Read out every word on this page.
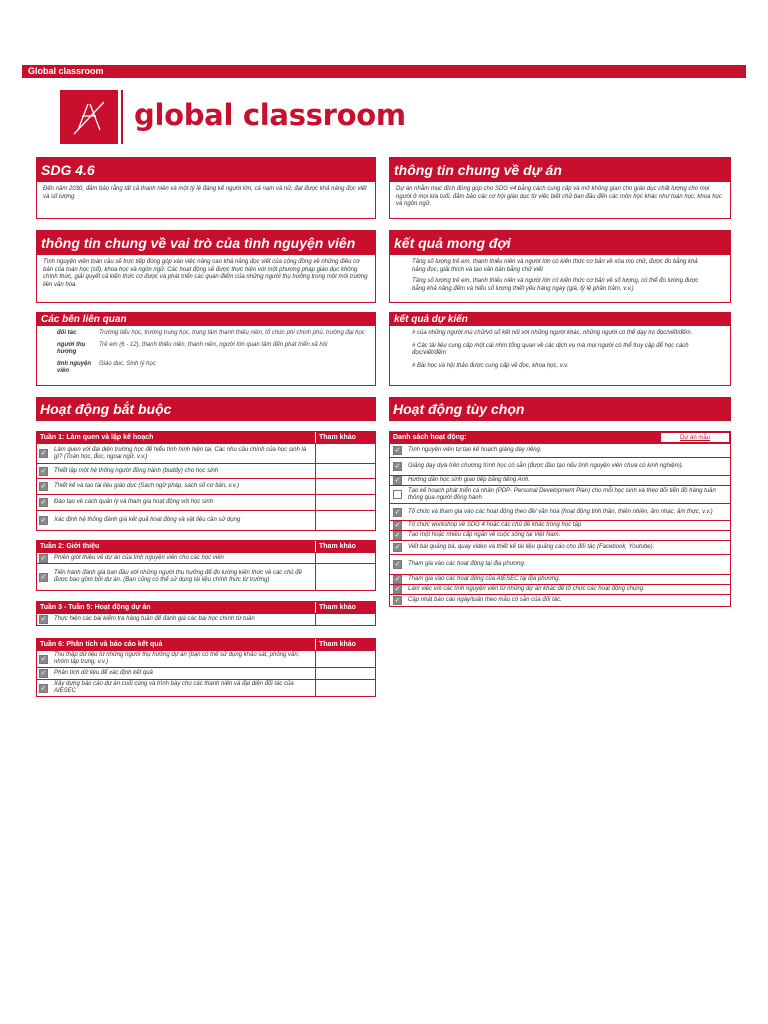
Global classroom
global classroom
SDG 4.6
Đến năm 2030, đảm bảo rằng tất cả thanh niên và một tỷ lệ đáng kể người lớn, cả nam và nữ, đạt được khả năng đọc viết và số lượng
thông tin chung về dự án
Dự án nhằm mục đích đóng góp cho SDG #4 bằng cách cung cấp và mở không gian cho giáo dục chất lượng cho mọi người ở mọi lứa tuổi, đảm bảo các cơ hội giáo dục từ việc biết chữ ban đầu đến các môn học khác như toán học, khoa học và ngôn ngữ.
thông tin chung về vai trò của tình nguyện viên
Tình nguyện viên toàn cầu sẽ trực tiếp đóng góp vào việc nâng cao khả năng đọc viết của cộng đồng về những điều cơ bản của toán học (số), khoa học và ngôn ngữ. Các hoạt động sẽ được thực hiện với một phương pháp giáo dục không chính thức, giải quyết cả kiến thức cơ được và phát triển các quan điểm của những người thụ hưởng trong một môi trường liên văn hóa.
kết quả mong đợi
Tăng số lượng trẻ em, thanh thiếu niên và người lớn có kiến thức cơ bản về xóa mù chữ, được đo bằng khả năng đọc, giải thích và tạo văn bản bằng chữ viết
Tăng số lượng trẻ em, thanh thiếu niên và người lớn có kiến thức cơ bản về số lượng, có thể đo lường được bằng khả năng đếm và hiểu số lượng thiết yếu hàng ngày (giá, tỷ lệ phần trăm, v.v.)
Các bên liên quan
đối tác	Trường tiểu học, trường trung học, trung tâm thanh thiếu niên, tổ chức phi chính phủ, trường đại học
người thụ hưởng
Trẻ em (6 - 12), thanh thiếu niên, thanh niên, người lớn quan tâm đến phát triển xã hội
tình nguyện viên
Giáo dục, Sinh lý học
kết quả dự kiến
# của những người mù chữ/vô số kết nối với những người khác, những người có thể dạy họ đọc/viết/đếm.
# Các tài liệu cung cấp một cái nhìn tổng quan về các dịch vụ mà mọi người có thể truy cập để học cách đọc/viết/đếm
# Bài học và hội thảo được cung cấp về đọc, khoa học, v.v.
Hoạt động bắt buộc
Tuần 1: Làm quen và lập kế hoạch	Tham khảo
✓
Làm quen với đại diện trường học để hiểu tình hình hiện tại. Các nhu cầu chính của học sinh là gì? (Toán học, đọc, ngoại ngữ, v.v.)
✓ Thiết lập một hệ thống người đồng hành (buddy) cho học sinh
✓ Thiết kế và tạo tài liệu giáo dục (Sách ngữ pháp, sách số cơ bản, v.v.)
✓ Đào tạo về cách quản lý và tham gia hoạt động với học sinh
✓ Xác định hệ thống đánh giá kết quả hoạt động và vật liệu cần sử dụng
Tuần 2: Giới thiệu	Tham khảo
✓ Phiên giới thiệu về dự án của tình nguyện viên cho các học viên
✓
Tiến hành đánh giá ban đầu với những người thụ hưởng để đo lường kiến thức về các chủ đề được bao gồm bởi dự án. (Bạn cũng có thể sử dụng tài liệu chính thức từ trường)
Tuần 3 - Tuần 5: Hoạt động dự án	Tham khảo
✓ Thực hiện các bài kiểm tra hàng tuần để đánh giá các bài học chính từ tuần
Tuần 6: Phân tích và báo cáo kết quả	Tham khảo
✓
Thu thập dữ liệu từ những người thụ hưởng dự án (bạn có thể sử dụng khảo sát, phỏng vấn, nhóm tập trung, v.v.)
✓ Phân tích dữ liệu để xác định kết quả
✓
Xây dựng báo cáo dự án cuối cùng và trình bày cho các thanh niên và đại diện đối tác của AIESEC
Hoạt động tùy chọn
Danh sách hoạt động:	Dự án mẫu
✓ Tình nguyện viên tự tạo kế hoạch giảng dạy riêng.
✓ Giảng dạy dựa trên chương trình học có sẵn (được đào tạo nếu tình nguyện viên chưa có kinh nghiệm).
✓ Hướng dẫn học sinh giao tiếp bằng tiếng Anh.
Tạo kế hoạch phát triển cá nhân (PDP- Personal Development Plan) cho mỗi học sinh và theo dõi tiến độ hàng tuần thông qua người đồng hành
✓ Tổ chức và tham gia vào các hoạt động theo đề/ văn hóa (hoạt động tinh thần, thiên nhiên, âm nhạc, âm thực, v.v.)
✓ Tổ chức workshop về SDG 4 hoặc các chủ đề khác trong học tập
✓ Tạo một hoặc nhiều cấp ngắn về cuộc sống tại Việt Nam.
✓ Viết bài quảng bá, quay video và thiết kế tài liệu quảng cáo cho đối tác (Facebook, Youtube).
✓ Tham gia vào các hoạt động tại địa phương.
✓ Tham gia vào các hoạt động của AIESEC tại địa phương.
✓ Làm việc với các tình nguyện viên từ những dự án khác để tổ chức các hoạt động chung.
✓ Cập nhật báo cáo ngày/tuần theo mẫu có sẵn của đối tác.
